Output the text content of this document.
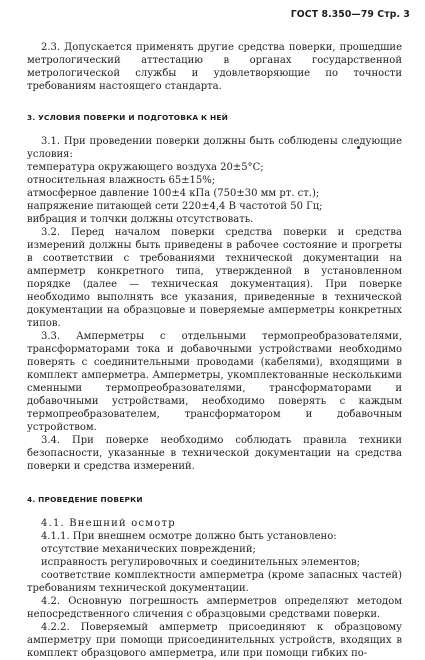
ГОСТ 8.350—79 Стр. 3

2.3. Допускается применять другие средства поверки, прошедшие метрологический аттестацию в органах государственной метрологической службы и удовлетворяющие по точности требованиям настоящего стандарта.

3. УСЛОВИЯ ПОВЕРКИ И ПОДГОТОВКА К НЕЙ

3.1. При проведении поверки должны быть соблюдены следующие условия:

температура окружающего воздуха 20±5°С;

относительная влажность 65±15%;

атмосферное давление 100±4 кПа (750±30 мм рт. ст.);

напряжение питающей сети 220±4,4 В частотой 50 Гц;

вибрация и толчки должны отсутствовать.

3.2. Перед началом поверки средства поверки и средства измерений должны быть приведены в рабочее состояние и прогреты в соответствии с требованиями технической документации на амперметр конкретного типа, утвержденной в установленном порядке (далее — техническая документация). При поверке необходимо выполнять все указания, приведенные в технической документации на образцовые и поверяемые амперметры конкретных типов.

3.3. Амперметры с отдельными термопреобразователями, трансформаторами тока и добавочными устройствами необходимо поверять с соединительными проводами (кабелями), входящими в комплект амперметра. Амперметры, укомплектованные несколькими сменными термопреобразователями, трансформаторами и добавочными устройствами, необходимо поверять с каждым термопреобразователем, трансформатором и добавочным устройством.

3.4. При поверке необходимо соблюдать правила техники безопасности, указанные в технической документации на средства поверки и средства измерений.

4. ПРОВЕДЕНИЕ ПОВЕРКИ

4.1. Внешний осмотр

4.1.1. При внешнем осмотре должно быть установлено:

отсутствие механических повреждений;

исправность регулировочных и соединительных элементов;

соответствие комплектности амперметра (кроме запасных частей) требованиям технической документации.

4.2. Основную погрешность амперметров определяют методом непосредственного сличения с образцовыми средствами поверки.

4.2.2. Поверяемый амперметр присоединяют к образцовому амперметру при помощи присоединительных устройств, входящих в комплект образцового амперметра, или при помощи гибких по-
